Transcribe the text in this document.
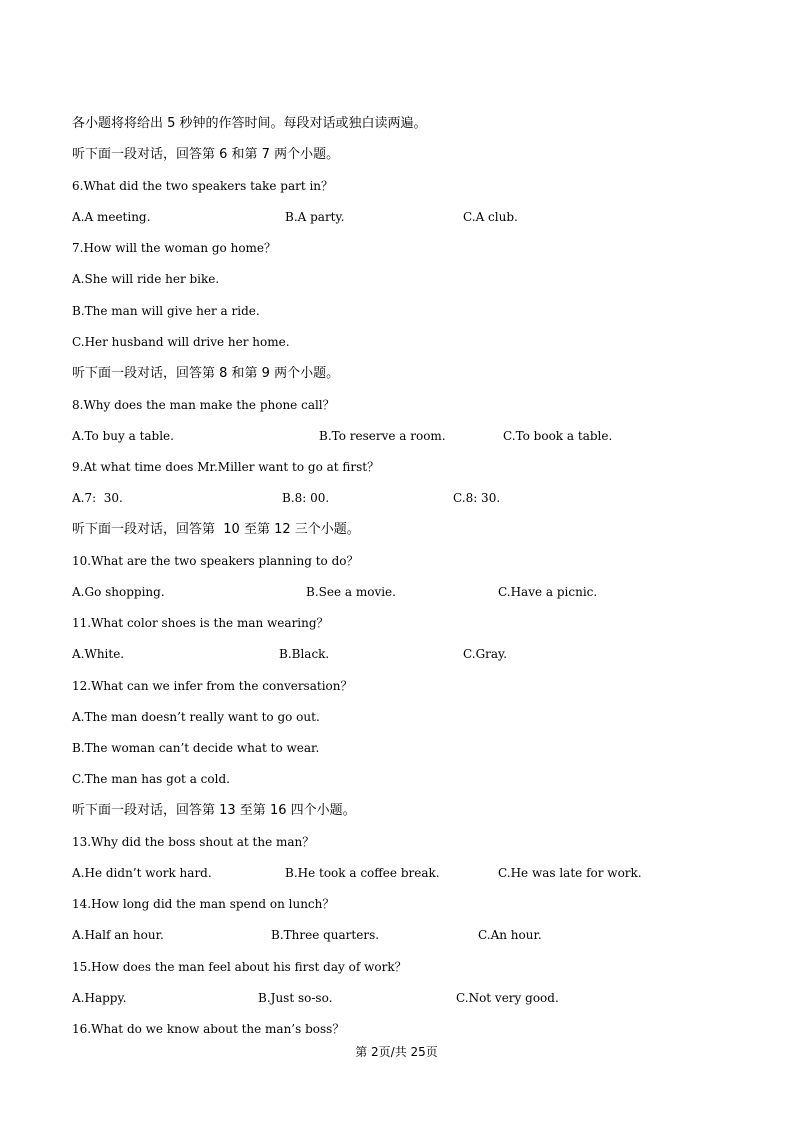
各小题将将给出 5 秒钟的作答时间。每段对话或独白读两遍。
听下面一段对话，回答第 6 和第 7 两个小题。
6.What did the two speakers take part in？
A.A meeting.	B.A party.	C.A club.
7.How will the woman go home？
A.She will ride her bike.
B.The man will give her a ride.
C.Her husband will drive her home.
听下面一段对话，回答第 8 和第 9 两个小题。
8.Why does the man make the phone call？
A.To buy a table.	B.To reserve a room.	C.To book a table.
9.At what time does Mr.Miller want to go at first？
A.7:  30.	B.8: 00.	C.8: 30.
听下面一段对话，回答第  10 至第 12 三个小题。
10.What are the two speakers planning to do？
A.Go shopping.	B.See a movie.	C.Have a picnic.
11.What color shoes is the man wearing？
A.White.	B.Black.	C.Gray.
12.What can we infer from the conversation？
A.The man doesn’t really want to go out.
B.The woman can’t decide what to wear.
C.The man has got a cold.
听下面一段对话，回答第 13 至第 16 四个小题。
13.Why did the boss shout at the man？
A.He didn’t work hard.	B.He took a coffee break.	C.He was late for work.
14.How long did the man spend on lunch？
A.Half an hour.	B.Three quarters.	C.An hour.
15.How does the man feel about his first day of work？
A.Happy.	B.Just so-so.	C.Not very good.
16.What do we know about the man’s boss？
第 2页/共 25页
